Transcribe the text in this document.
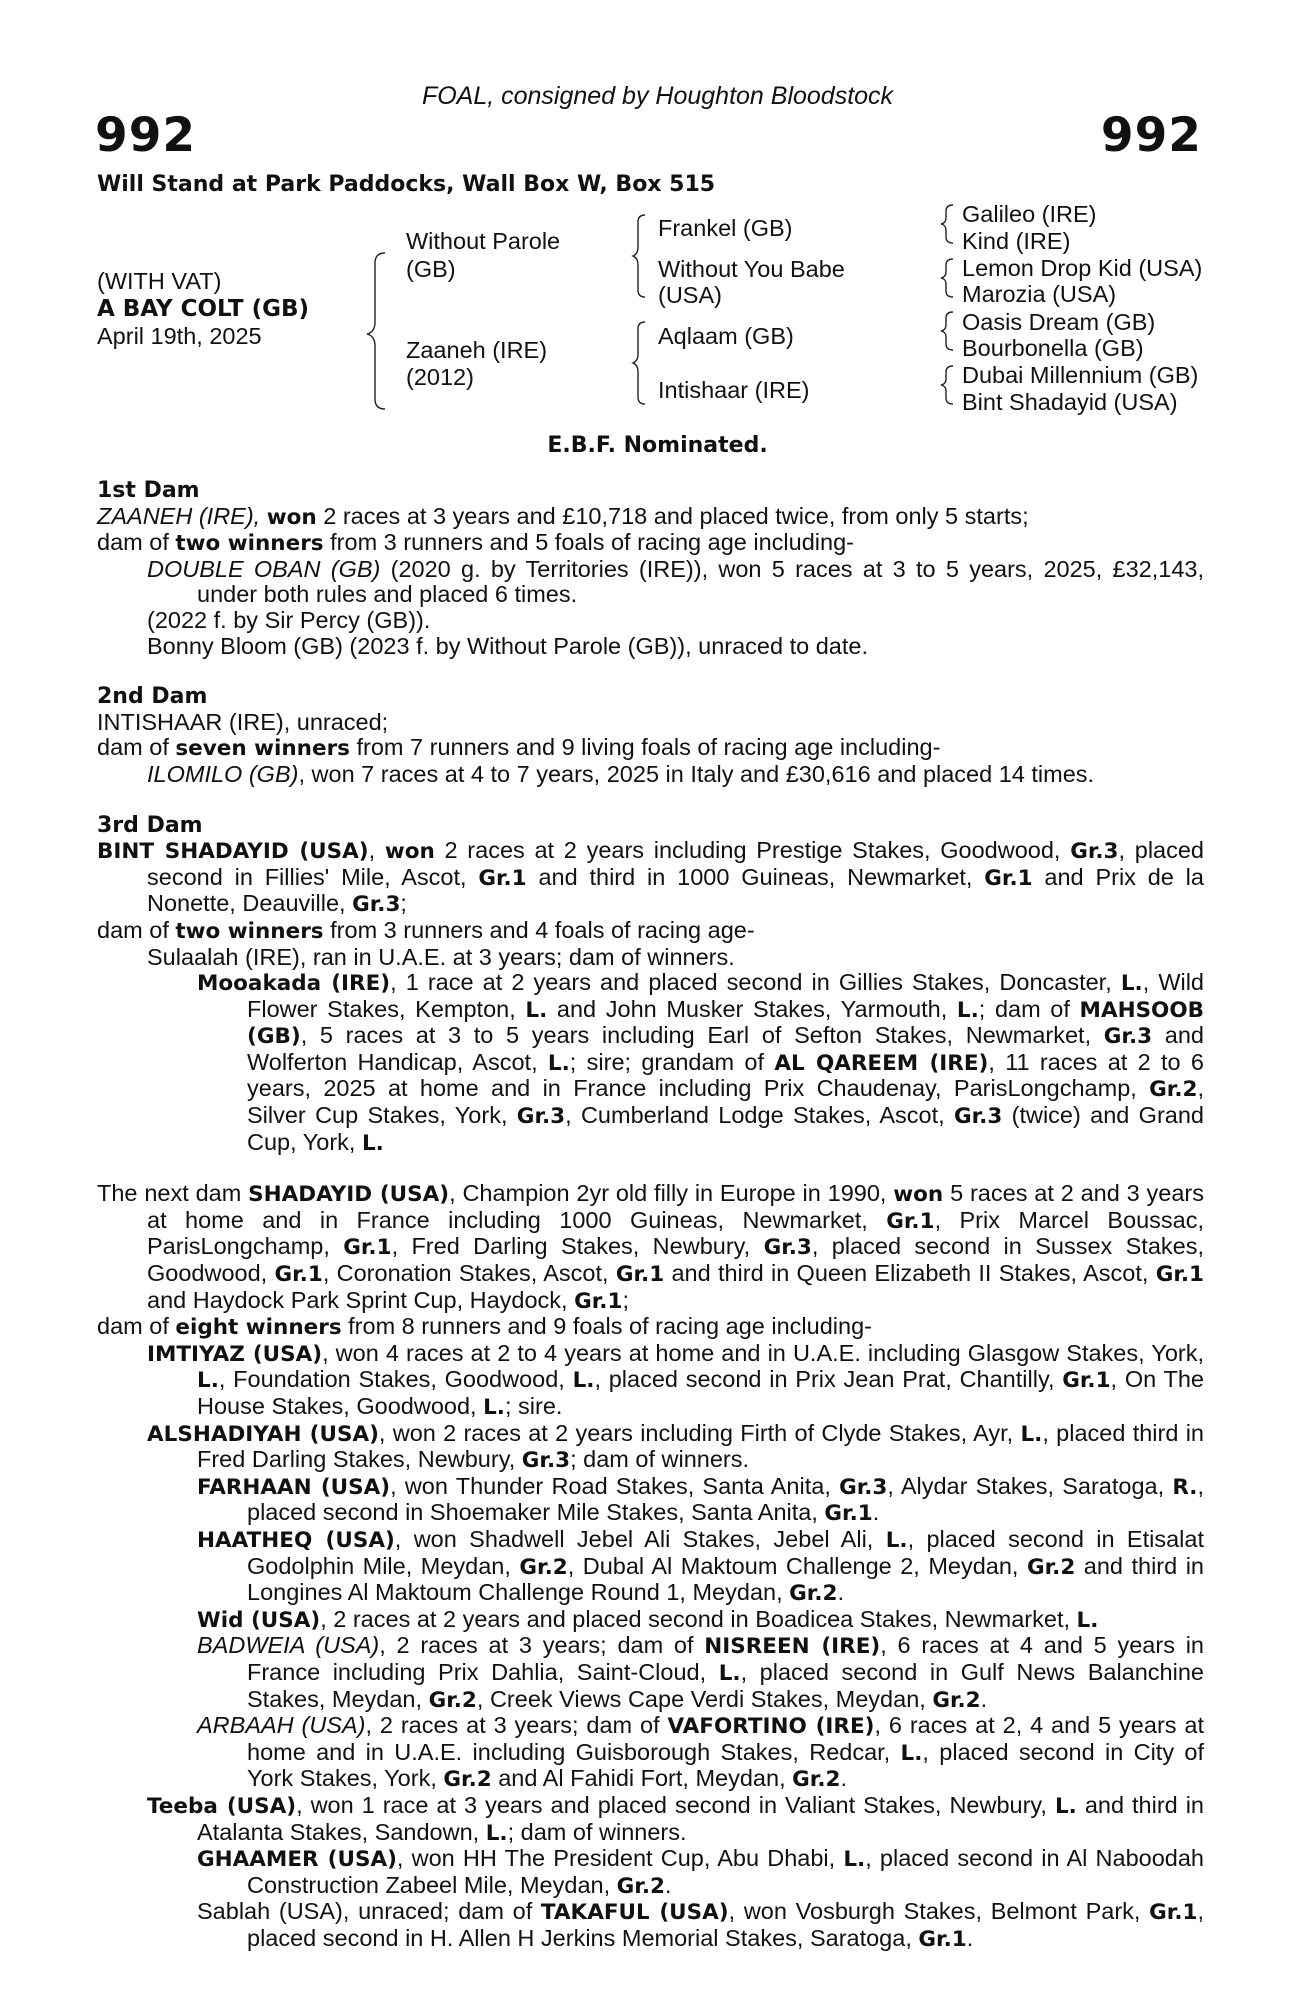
FOAL, consigned by Houghton Bloodstock
992	992
Will Stand at Park Paddocks, Wall Box W, Box 515
(WITH VAT)
A BAY COLT (GB)
April 19th, 2025
Without Parole
(GB)
Zaaneh (IRE)
(2012)
Frankel (GB)
Without You Babe
(USA)
Aqlaam (GB)
Intishaar (IRE)
Galileo (IRE)
Kind (IRE)
Lemon Drop Kid (USA)
Marozia (USA)
Oasis Dream (GB)
Bourbonella (GB)
Dubai Millennium (GB)
Bint Shadayid (USA)
E.B.F. Nominated.

1st Dam

ZAANEH (IRE), won 2 races at 3 years and £10,718 and placed twice, from only 5 starts;

dam of two winners from 3 runners and 5 foals of racing age including-

DOUBLE OBAN (GB) (2020 g. by Territories (IRE)), won 5 races at 3 to 5 years, 2025, £32,143, under both rules and placed 6 times.

(2022 f. by Sir Percy (GB)).

Bonny Bloom (GB) (2023 f. by Without Parole (GB)), unraced to date.

2nd Dam

INTISHAAR (IRE), unraced;

dam of seven winners from 7 runners and 9 living foals of racing age including-

ILOMILO (GB), won 7 races at 4 to 7 years, 2025 in Italy and £30,616 and placed 14 times.

3rd Dam

BINT SHADAYID (USA), won 2 races at 2 years including Prestige Stakes, Goodwood, Gr.3, placed second in Fillies' Mile, Ascot, Gr.1 and third in 1000 Guineas, Newmarket, Gr.1 and Prix de la Nonette, Deauville, Gr.3;

dam of two winners from 3 runners and 4 foals of racing age-

Sulaalah (IRE), ran in U.A.E. at 3 years; dam of winners.

Mooakada (IRE), 1 race at 2 years and placed second in Gillies Stakes, Doncaster, L., Wild Flower Stakes, Kempton, L. and John Musker Stakes, Yarmouth, L.; dam of MAHSOOB (GB), 5 races at 3 to 5 years including Earl of Sefton Stakes, Newmarket, Gr.3 and Wolferton Handicap, Ascot, L.; sire; grandam of AL QAREEM (IRE), 11 races at 2 to 6 years, 2025 at home and in France including Prix Chaudenay, ParisLongchamp, Gr.2, Silver Cup Stakes, York, Gr.3, Cumberland Lodge Stakes, Ascot, Gr.3 (twice) and Grand Cup, York, L.

The next dam SHADAYID (USA), Champion 2yr old filly in Europe in 1990, won 5 races at 2 and 3 years at home and in France including 1000 Guineas, Newmarket, Gr.1, Prix Marcel Boussac, ParisLongchamp, Gr.1, Fred Darling Stakes, Newbury, Gr.3, placed second in Sussex Stakes, Goodwood, Gr.1, Coronation Stakes, Ascot, Gr.1 and third in Queen Elizabeth II Stakes, Ascot, Gr.1 and Haydock Park Sprint Cup, Haydock, Gr.1;

dam of eight winners from 8 runners and 9 foals of racing age including-

IMTIYAZ (USA), won 4 races at 2 to 4 years at home and in U.A.E. including Glasgow Stakes, York, L., Foundation Stakes, Goodwood, L., placed second in Prix Jean Prat, Chantilly, Gr.1, On The House Stakes, Goodwood, L.; sire.

ALSHADIYAH (USA), won 2 races at 2 years including Firth of Clyde Stakes, Ayr, L., placed third in Fred Darling Stakes, Newbury, Gr.3; dam of winners.

FARHAAN (USA), won Thunder Road Stakes, Santa Anita, Gr.3, Alydar Stakes, Saratoga, R., placed second in Shoemaker Mile Stakes, Santa Anita, Gr.1.

HAATHEQ (USA), won Shadwell Jebel Ali Stakes, Jebel Ali, L., placed second in Etisalat Godolphin Mile, Meydan, Gr.2, Dubal Al Maktoum Challenge 2, Meydan, Gr.2 and third in Longines Al Maktoum Challenge Round 1, Meydan, Gr.2.

Wid (USA), 2 races at 2 years and placed second in Boadicea Stakes, Newmarket, L.

BADWEIA (USA), 2 races at 3 years; dam of NISREEN (IRE), 6 races at 4 and 5 years in France including Prix Dahlia, Saint-Cloud, L., placed second in Gulf News Balanchine Stakes, Meydan, Gr.2, Creek Views Cape Verdi Stakes, Meydan, Gr.2.

ARBAAH (USA), 2 races at 3 years; dam of VAFORTINO (IRE), 6 races at 2, 4 and 5 years at home and in U.A.E. including Guisborough Stakes, Redcar, L., placed second in City of York Stakes, York, Gr.2 and Al Fahidi Fort, Meydan, Gr.2.

Teeba (USA), won 1 race at 3 years and placed second in Valiant Stakes, Newbury, L. and third in Atalanta Stakes, Sandown, L.; dam of winners.

GHAAMER (USA), won HH The President Cup, Abu Dhabi, L., placed second in Al Naboodah Construction Zabeel Mile, Meydan, Gr.2.

Sablah (USA), unraced; dam of TAKAFUL (USA), won Vosburgh Stakes, Belmont Park, Gr.1, placed second in H. Allen H Jerkins Memorial Stakes, Saratoga, Gr.1.
